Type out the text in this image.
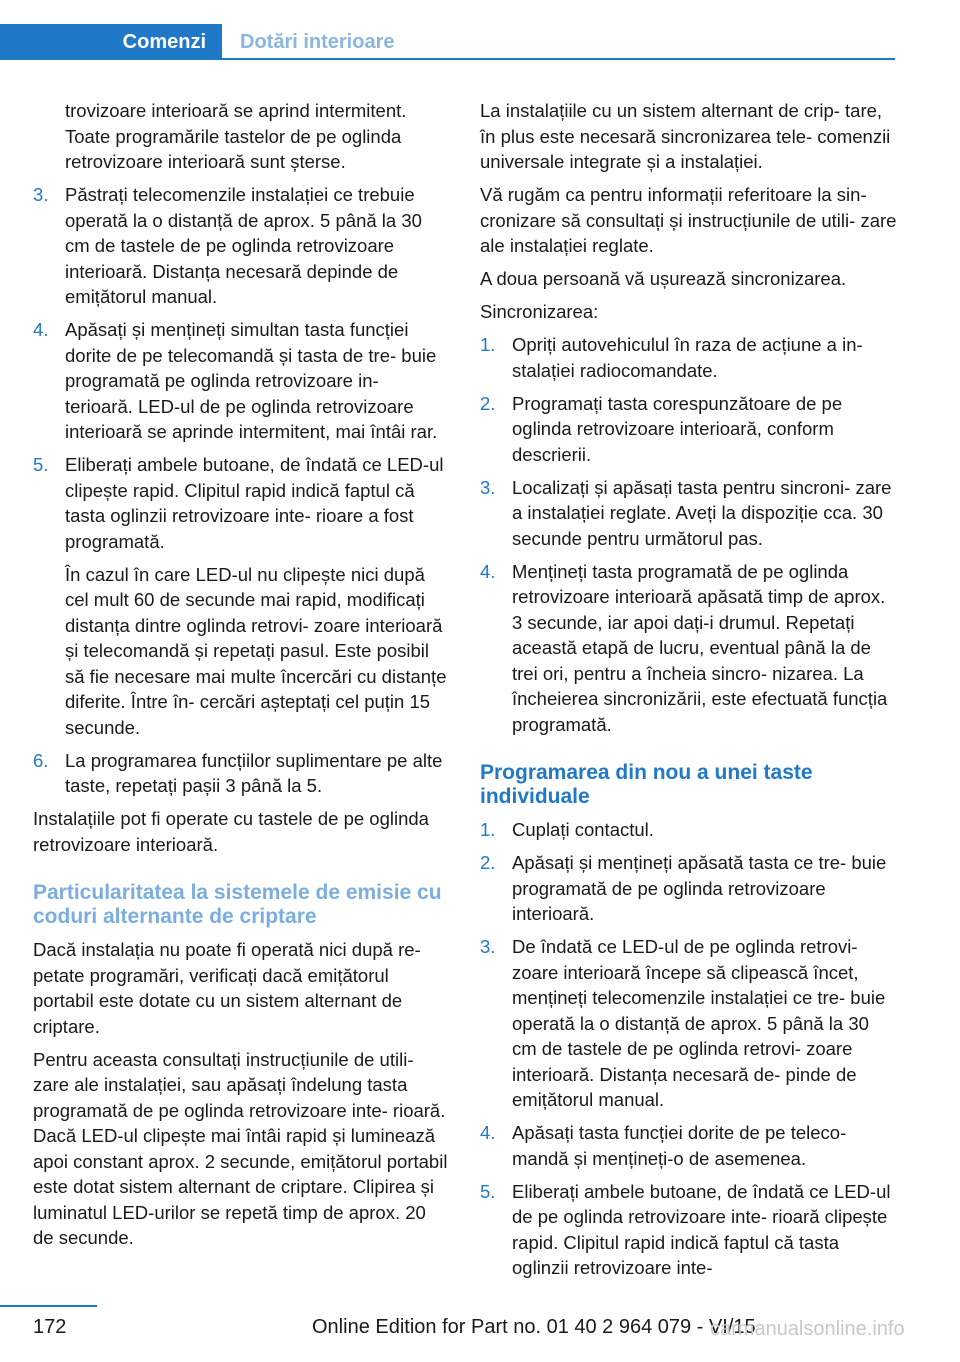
Comenzi	Dotări interioare

trovizoare interioară se aprind intermitent. Toate programările tastelor de pe oglinda retrovizoare interioară sunt șterse.

3. Păstrați telecomenzile instalației ce trebuie operată la o distanță de aprox. 5 până la 30 cm de tastele de pe oglinda retrovizoare interioară. Distanța necesară depinde de emițătorul manual.
4. Apăsați și mențineți simultan tasta funcției dorite de pe telecomandă și tasta de tre‐ buie programată pe oglinda retrovizoare in‐ terioară. LED-ul de pe oglinda retrovizoare interioară se aprinde intermitent, mai întâi rar.
5. Eliberați ambele butoane, de îndată ce LED-ul clipește rapid. Clipitul rapid indică faptul că tasta oglinzii retrovizoare inte‐ rioare a fost programată.
În cazul în care LED-ul nu clipește nici după cel mult 60 de secunde mai rapid, modificați distanța dintre oglinda retrovi‐ zoare interioară și telecomandă și repetați pasul. Este posibil să fie necesare mai multe încercări cu distanțe diferite. Între în‐ cercări așteptați cel puțin 15 secunde.
6. La programarea funcțiilor suplimentare pe alte taste, repetați pașii 3 până la 5.

Instalațiile pot fi operate cu tastele de pe oglinda retrovizoare interioară.

Particularitatea la sistemele de emisie cu coduri alternante de criptare

Dacă instalația nu poate fi operată nici după re‐ petate programări, verificați dacă emițătorul portabil este dotate cu un sistem alternant de criptare.

Pentru aceasta consultați instrucțiunile de utili‐ zare ale instalației, sau apăsați îndelung tasta programată de pe oglinda retrovizoare inte‐ rioară. Dacă LED-ul clipește mai întâi rapid și luminează apoi constant aprox. 2 secunde, emițătorul portabil este dotat sistem alternant de criptare. Clipirea și luminatul LED-urilor se repetă timp de aprox. 20 de secunde.

La instalațiile cu un sistem alternant de crip‐ tare, în plus este necesară sincronizarea tele‐ comenzii universale integrate și a instalației.

Vă rugăm ca pentru informații referitoare la sin‐ cronizare să consultați și instrucțiunile de utili‐ zare ale instalației reglate.

A doua persoană vă ușurează sincronizarea.

Sincronizarea:

1. Opriți autovehiculul în raza de acțiune a in‐ stalației radiocomandate.
2. Programați tasta corespunzătoare de pe oglinda retrovizoare interioară, conform descrierii.
3. Localizați și apăsați tasta pentru sincroni‐ zare a instalației reglate. Aveți la dispoziție cca. 30 secunde pentru următorul pas.
4. Mențineți tasta programată de pe oglinda retrovizoare interioară apăsată timp de aprox. 3 secunde, iar apoi dați-i drumul. Repetați această etapă de lucru, eventual până la de trei ori, pentru a încheia sincro‐ nizarea. La încheierea sincronizării, este efectuată funcția programată.
Programarea din nou a unei taste individuale
1. Cuplați contactul.
2. Apăsați și mențineți apăsată tasta ce tre‐ buie programată de pe oglinda retrovizoare interioară.
3. De îndată ce LED-ul de pe oglinda retrovi‐ zoare interioară începe să clipească încet, mențineți telecomenzile instalației ce tre‐ buie operată la o distanță de aprox. 5 până la 30 cm de tastele de pe oglinda retrovi‐ zoare interioară. Distanța necesară de‐ pinde de emițătorul manual.
4. Apăsați tasta funcției dorite de pe teleco‐ mandă și mențineți-o de asemenea.
5. Eliberați ambele butoane, de îndată ce LED-ul de pe oglinda retrovizoare inte‐ rioară clipește rapid. Clipitul rapid indică faptul că tasta oglinzii retrovizoare inte‐
172	Online Edition for Part no. 01 40 2 964 079 - VI/15
carmanualsonline.info
